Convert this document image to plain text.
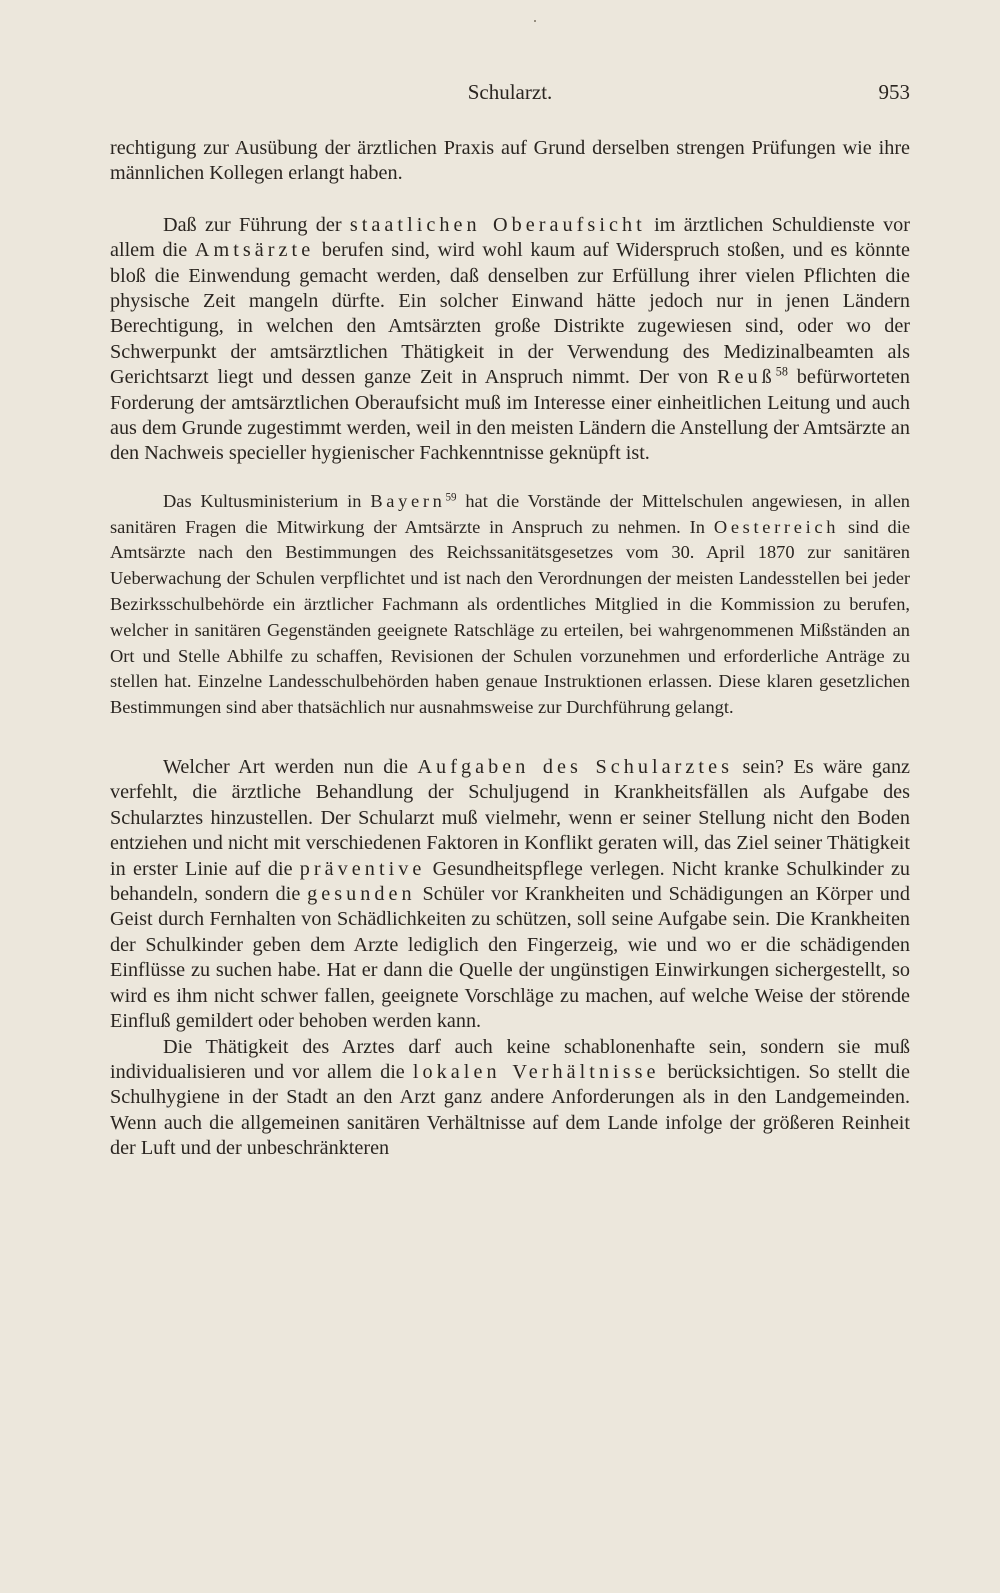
Schularzt.	953

rechtigung zur Ausübung der ärztlichen Praxis auf Grund derselben strengen Prüfungen wie ihre männlichen Kollegen erlangt haben.

Daß zur Führung der staatlichen Oberaufsicht im ärztlichen Schuldienste vor allem die Amtsärzte berufen sind, wird wohl kaum auf Widerspruch stoßen, und es könnte bloß die Einwendung gemacht werden, daß denselben zur Erfüllung ihrer vielen Pflichten die physische Zeit mangeln dürfte. Ein solcher Einwand hätte jedoch nur in jenen Ländern Berechtigung, in welchen den Amtsärzten große Distrikte zugewiesen sind, oder wo der Schwerpunkt der amtsärztlichen Thätigkeit in der Verwendung des Medizinalbeamten als Gerichtsarzt liegt und dessen ganze Zeit in Anspruch nimmt. Der von Reuß$^{58}$ befürworteten Forderung der amtsärztlichen Oberaufsicht muß im Interesse einer einheitlichen Leitung und auch aus dem Grunde zugestimmt werden, weil in den meisten Ländern die Anstellung der Amtsärzte an den Nachweis specieller hygienischer Fachkenntnisse geknüpft ist.

Das Kultusministerium in Bayern$^{59}$ hat die Vorstände der Mittelschulen angewiesen, in allen sanitären Fragen die Mitwirkung der Amtsärzte in Anspruch zu nehmen. In Oesterreich sind die Amtsärzte nach den Bestimmungen des Reichssanitätsgesetzes vom 30. April 1870 zur sanitären Ueberwachung der Schulen verpflichtet und ist nach den Verordnungen der meisten Landesstellen bei jeder Bezirksschulbehörde ein ärztlicher Fachmann als ordentliches Mitglied in die Kommission zu berufen, welcher in sanitären Gegenständen geeignete Ratschläge zu erteilen, bei wahrgenommenen Mißständen an Ort und Stelle Abhilfe zu schaffen, Revisionen der Schulen vorzunehmen und erforderliche Anträge zu stellen hat. Einzelne Landesschulbehörden haben genaue Instruktionen erlassen. Diese klaren gesetzlichen Bestimmungen sind aber thatsächlich nur ausnahmsweise zur Durchführung gelangt.

Welcher Art werden nun die Aufgaben des Schularztes sein? Es wäre ganz verfehlt, die ärztliche Behandlung der Schuljugend in Krankheitsfällen als Aufgabe des Schularztes hinzustellen. Der Schularzt muß vielmehr, wenn er seiner Stellung nicht den Boden entziehen und nicht mit verschiedenen Faktoren in Konflikt geraten will, das Ziel seiner Thätigkeit in erster Linie auf die präventive Gesundheitspflege verlegen. Nicht kranke Schulkinder zu behandeln, sondern die gesunden Schüler vor Krankheiten und Schädigungen an Körper und Geist durch Fernhalten von Schädlichkeiten zu schützen, soll seine Aufgabe sein. Die Krankheiten der Schulkinder geben dem Arzte lediglich den Fingerzeig, wie und wo er die schädigenden Einflüsse zu suchen habe. Hat er dann die Quelle der ungünstigen Einwirkungen sichergestellt, so wird es ihm nicht schwer fallen, geeignete Vorschläge zu machen, auf welche Weise der störende Einfluß gemildert oder behoben werden kann.

Die Thätigkeit des Arztes darf auch keine schablonenhafte sein, sondern sie muß individualisieren und vor allem die lokalen Verhältnisse berücksichtigen. So stellt die Schulhygiene in der Stadt an den Arzt ganz andere Anforderungen als in den Landgemeinden. Wenn auch die allgemeinen sanitären Verhältnisse auf dem Lande infolge der größeren Reinheit der Luft und der unbeschränkteren
